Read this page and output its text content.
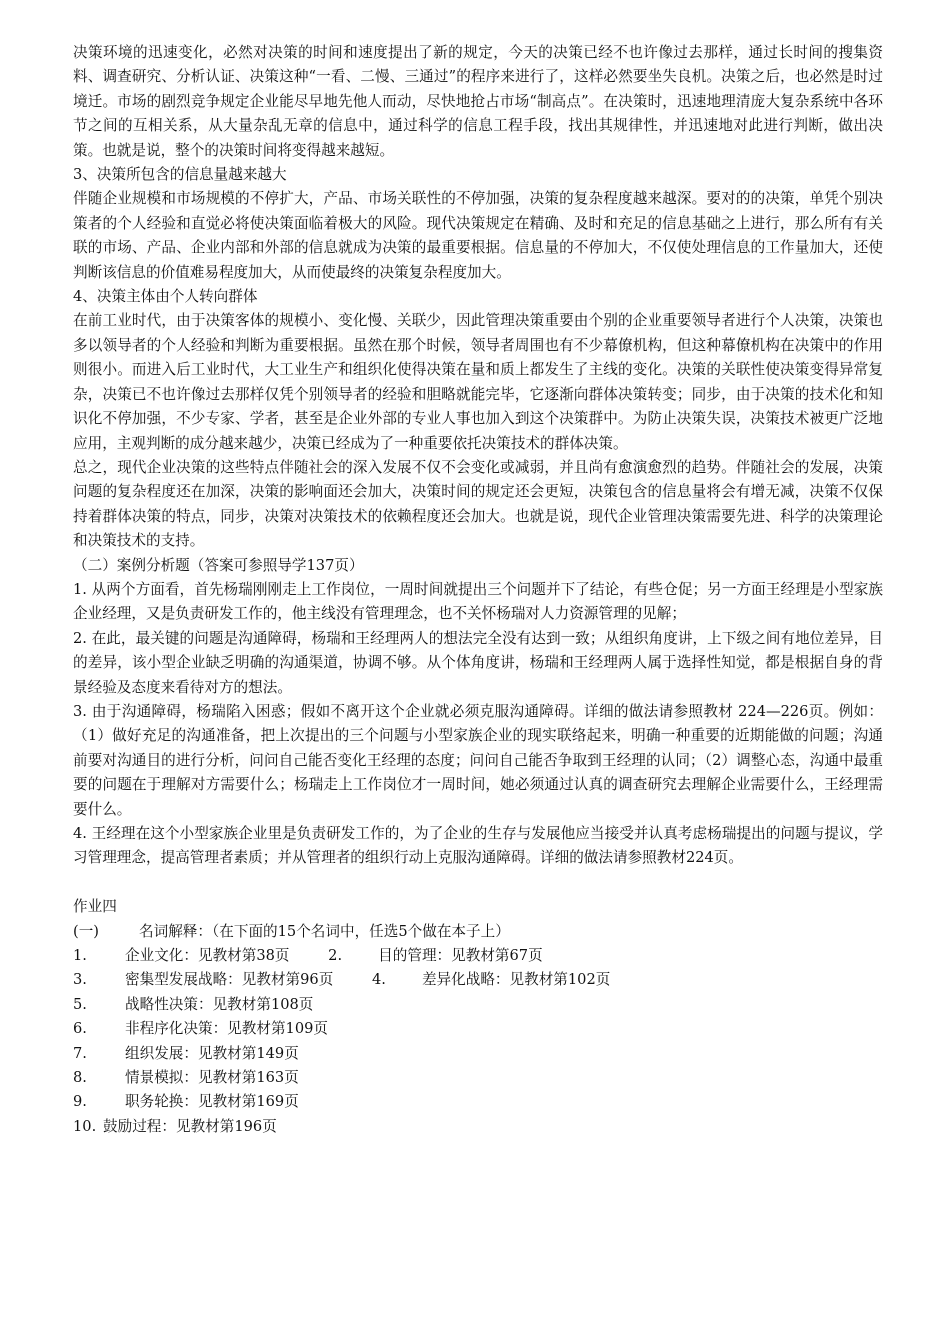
决策环境的迅速变化，必然对决策的时间和速度提出了新的规定，今天的决策已经不也许像过去那样，通过长时间的搜集资料、调查研究、分析认证、决策这种“一看、二慢、三通过”的程序来进行了，这样必然要坐失良机。决策之后，也必然是时过境迁。市场的剧烈竞争规定企业能尽早地先他人而动，尽快地抢占市场“制高点”。在决策时，迅速地理清庞大复杂系统中各环节之间的互相关系，从大量杂乱无章的信息中，通过科学的信息工程手段，找出其规律性，并迅速地对此进行判断，做出决策。也就是说，整个的决策时间将变得越来越短。

3、决策所包含的信息量越来越大

伴随企业规模和市场规模的不停扩大，产品、市场关联性的不停加强，决策的复杂程度越来越深。要对的的决策，单凭个别决策者的个人经验和直觉必将使决策面临着极大的风险。现代决策规定在精确、及时和充足的信息基础之上进行，那么所有有关联的市场、产品、企业内部和外部的信息就成为决策的最重要根据。信息量的不停加大，不仅使处理信息的工作量加大，还使判断该信息的价值难易程度加大，从而使最终的决策复杂程度加大。

4、决策主体由个人转向群体

在前工业时代，由于决策客体的规模小、变化慢、关联少，因此管理决策重要由个别的企业重要领导者进行个人决策，决策也多以领导者的个人经验和判断为重要根据。虽然在那个时候，领导者周围也有不少幕僚机构，但这种幕僚机构在决策中的作用则很小。而进入后工业时代，大工业生产和组织化使得决策在量和质上都发生了主线的变化。决策的关联性使决策变得异常复杂，决策已不也许像过去那样仅凭个别领导者的经验和胆略就能完毕，它逐渐向群体决策转变；同步，由于决策的技术化和知识化不停加强，不少专家、学者，甚至是企业外部的专业人事也加入到这个决策群中。为防止决策失误，决策技术被更广泛地应用，主观判断的成分越来越少，决策已经成为了一种重要依托决策技术的群体决策。

总之，现代企业决策的这些特点伴随社会的深入发展不仅不会变化或减弱，并且尚有愈演愈烈的趋势。伴随社会的发展，决策问题的复杂程度还在加深，决策的影响面还会加大，决策时间的规定还会更短，决策包含的信息量将会有增无减，决策不仅保持着群体决策的特点，同步，决策对决策技术的依赖程度还会加大。也就是说，现代企业管理决策需要先进、科学的决策理论和决策技术的支持。

（二）案例分析题（答案可参照导学137页）

1. 从两个方面看，首先杨瑞刚刚走上工作岗位，一周时间就提出三个问题并下了结论，有些仓促；另一方面王经理是小型家族企业经理，又是负责研发工作的，他主线没有管理理念，也不关怀杨瑞对人力资源管理的见解；

2. 在此，最关键的问题是沟通障碍，杨瑞和王经理两人的想法完全没有达到一致；从组织角度讲，上下级之间有地位差异，目的差异，该小型企业缺乏明确的沟通渠道，协调不够。从个体角度讲，杨瑞和王经理两人属于选择性知觉，都是根据自身的背景经验及态度来看待对方的想法。

3. 由于沟通障碍，杨瑞陷入困惑；假如不离开这个企业就必须克服沟通障碍。详细的做法请参照教材 224—226页。例如：（1）做好充足的沟通准备，把上次提出的三个问题与小型家族企业的现实联络起来，明确一种重要的近期能做的问题；沟通前要对沟通目的进行分析，问问自己能否变化王经理的态度；问问自己能否争取到王经理的认同；（2）调整心态，沟通中最重要的问题在于理解对方需要什么；杨瑞走上工作岗位才一周时间，她必须通过认真的调查研究去理解企业需要什么，王经理需要什么。

4. 王经理在这个小型家族企业里是负责研发工作的，为了企业的生存与发展他应当接受并认真考虑杨瑞提出的问题与提议，学习管理理念，提高管理者素质；并从管理者的组织行动上克服沟通障碍。详细的做法请参照教材224页。

作业四

(一)	名词解释：（在下面的15个名词中，任选5个做在本子上）

1.	企业文化：见教材第38页	2. 目的管理：见教材第67页
3.	密集型发展战略：见教材第96页	4. 差异化战略：见教材第102页
5.	战略性决策：见教材第108页
6.	非程序化决策：见教材第109页
7.	组织发展：见教材第149页
8.	情景模拟：见教材第163页
9.	职务轮换：见教材第169页
10. 鼓励过程：见教材第196页
